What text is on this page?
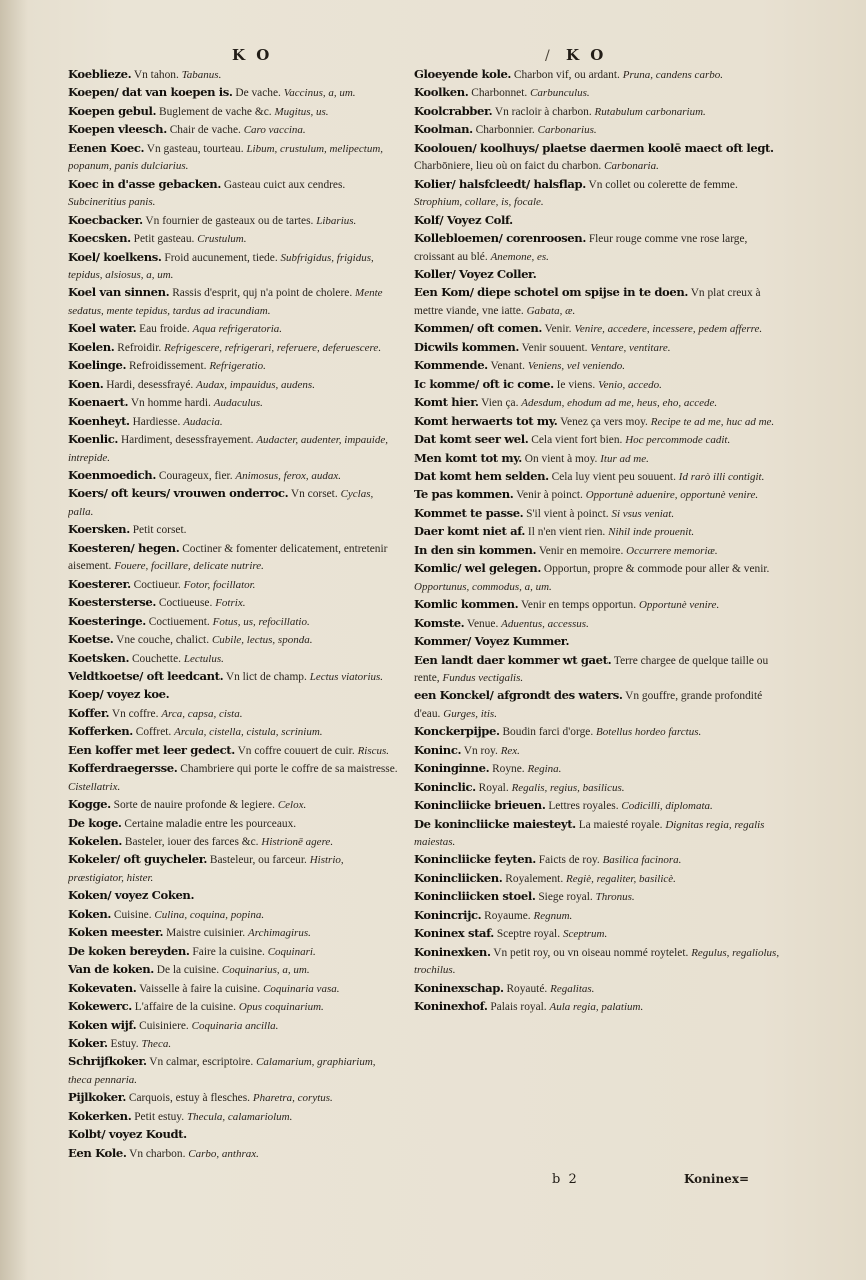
K O	/ K O

Koeblieze. Vn tahon. Tabanus.

Koepen/ dat van koepen is. De vache. Vaccinus, a, um.

Koepen gebul. Buglement de vache &c. Mugitus, us.

Koepen vleesch. Chair de vache. Caro vaccina.

Eenen Koec. Vn gasteau, tourteau. Libum, crustulum, melipectum, popanum, panis dulciarius.

Koec in d'asse gebacken. Gasteau cuict aux cendres. Subcineritius panis.

Koecbacker. Vn fournier de gasteaux ou de tartes. Libarius.

Koecsken. Petit gasteau. Crustulum.

Koel/ koelkens. Froid aucunement, tiede. Subfrigidus, frigidus, tepidus, alsiosus, a, um.

Koel van sinnen. Rassis d'esprit, quj n'a point de cholere. Mente sedatus, mente tepidus, tardus ad iracundiam.

Koel water. Eau froide. Aqua refrigeratoria.

Koelen. Refroidir. Refrigescere, refrigerari, referuere, deferuescere.

Koelinge. Refroidissement. Refrigeratio.

Koen. Hardi, desessfrayé. Audax, impauidus, audens.

Koenaert. Vn homme hardi. Audaculus.

Koenheyt. Hardiesse. Audacia.

Koenlic. Hardiment, desessfrayement. Audacter, audenter, impauide, intrepide.

Koenmoedich. Courageux, fier. Animosus, ferox, audax.

Koers/ oft keurs/ vrouwen onderroc. Vn corset. Cyclas, palla.

Koersken. Petit corset.

Koesteren/ hegen. Coctiner & fomenter delicatement, entretenir aisement. Fouere, focillare, delicate nutrire.

Koesterer. Coctiueur. Fotor, focillator.

Koestersterse. Coctiueuse. Fotrix.

Koesteringe. Coctiuement. Fotus, us, refocillatio.

Koetse. Vne couche, chalict. Cubile, lectus, sponda.

Koetsken. Couchette. Lectulus.

Veldtkoetse/ oft leedcant. Vn lict de champ. Lectus viatorius.

Koep/ voyez koe.

Koffer. Vn coffre. Arca, capsa, cista.

Kofferken. Coffret. Arcula, cistella, cistula, scrinium.

Een koffer met leer gedect. Vn coffre couuert de cuir. Riscus.

Kofferdraegersse. Chambriere qui porte le coffre de sa maistresse. Cistellatrix.

Kogge. Sorte de nauire profonde & legiere. Celox.

De koge. Certaine maladie entre les pourceaux.

Kokelen. Basteler, iouer des farces &c. Histrionē agere.

Kokeler/ oft guycheler. Basteleur, ou farceur. Histrio, præstigiator, hister.

Koken/ voyez Coken.

Koken. Cuisine. Culina, coquina, popina.

Koken meester. Maistre cuisinier. Archimagirus.

De koken bereyden. Faire la cuisine. Coquinari.

Van de koken. De la cuisine. Coquinarius, a, um.

Kokevaten. Vaisselle à faire la cuisine. Coquinaria vasa.

Kokewerc. L'affaire de la cuisine. Opus coquinarium.

Koken wijf. Cuisiniere. Coquinaria ancilla.

Koker. Estuy. Theca.

Schrijfkoker. Vn calmar, escriptoire. Calamarium, graphiarium, theca pennaria.

Pijlkoker. Carquois, estuy à flesches. Pharetra, corytus.

Kokerken. Petit estuy. Thecula, calamariolum.

Kolbt/ voyez Koudt.

Een Kole. Vn charbon. Carbo, anthrax.

Gloeyende kole. Charbon vif, ou ardant. Pruna, candens carbo.

Koolken. Charbonnet. Carbunculus.

Koolcrabber. Vn racloir à charbon. Rutabulum carbonarium.

Koolman. Charbonnier. Carbonarius.

Koolouen/ koolhuys/ plaetse daermen koolē maect oft legt. Charbōniere, lieu où on faict du charbon. Carbonaria.

Kolier/ halsfcleedt/ halsflap. Vn collet ou colerette de femme. Strophium, collare, is, focale.

Kolf/ Voyez Colf.

Kollebloemen/ corenroosen. Fleur rouge comme vne rose large, croissant au blé. Anemone, es.

Koller/ Voyez Coller.

Een Kom/ diepe schotel om spijse in te doen. Vn plat creux à mettre viande, vne iatte. Gabata, æ.

Kommen/ oft comen. Venir. Venire, accedere, incessere, pedem afferre.

Dicwils kommen. Venir souuent. Ventare, ventitare.

Kommende. Venant. Veniens, vel veniendo.

Ic komme/ oft ic come. Ie viens. Venio, accedo.

Komt hier. Vien ça. Adesdum, ehodum ad me, heus, eho, accede.

Komt herwaerts tot my. Venez ça vers moy. Recipe te ad me, huc ad me.

Dat komt seer wel. Cela vient fort bien. Hoc percommode cadit.

Men komt tot my. On vient à moy. Itur ad me.

Dat komt hem selden. Cela luy vient peu souuent. Id rarò illi contigit.

Te pas kommen. Venir à poinct. Opportunè aduenire, opportunè venire.

Kommet te passe. S'il vient à poinct. Si vsus veniat.

Daer komt niet af. Il n'en vient rien. Nihil inde prouenit.

In den sin kommen. Venir en memoire. Occurrere memoriæ.

Komlic/ wel gelegen. Opportun, propre & commode pour aller & venir. Opportunus, commodus, a, um.

Komlic kommen. Venir en temps opportun. Opportunè venire.

Komste. Venue. Aduentus, accessus.

Kommer/ Voyez Kummer.

Een landt daer kommer wt gaet. Terre chargee de quelque taille ou rente, Fundus vectigalis.

een Konckel/ afgrondt des waters. Vn gouffre, grande profondité d'eau. Gurges, itis.

Konckerpijpe. Boudin farci d'orge. Botellus hordeo farctus.

Koninc. Vn roy. Rex.

Koninginne. Royne. Regina.

Koninclic. Royal. Regalis, regius, basilicus.

Konincliicke brieuen. Lettres royales. Codicilli, diplomata.

De konincliicke maiesteyt. La maiesté royale. Dignitas regia, regalis maiestas.

Konincliicke feyten. Faicts de roy. Basilica facinora.

Konincliicken. Royalement. Regiè, regaliter, basilicè.

Konincliicken stoel. Siege royal. Thronus.

Konincrijc. Royaume. Regnum.

Koninex staf. Sceptre royal. Sceptrum.

Koninexken. Vn petit roy, ou vn oiseau nommé roytelet. Regulus, regaliolus, trochilus.

Koninexschap. Royauté. Regalitas.

Koninexhof. Palais royal. Aula regia, palatium.

b 2	Koninex=
